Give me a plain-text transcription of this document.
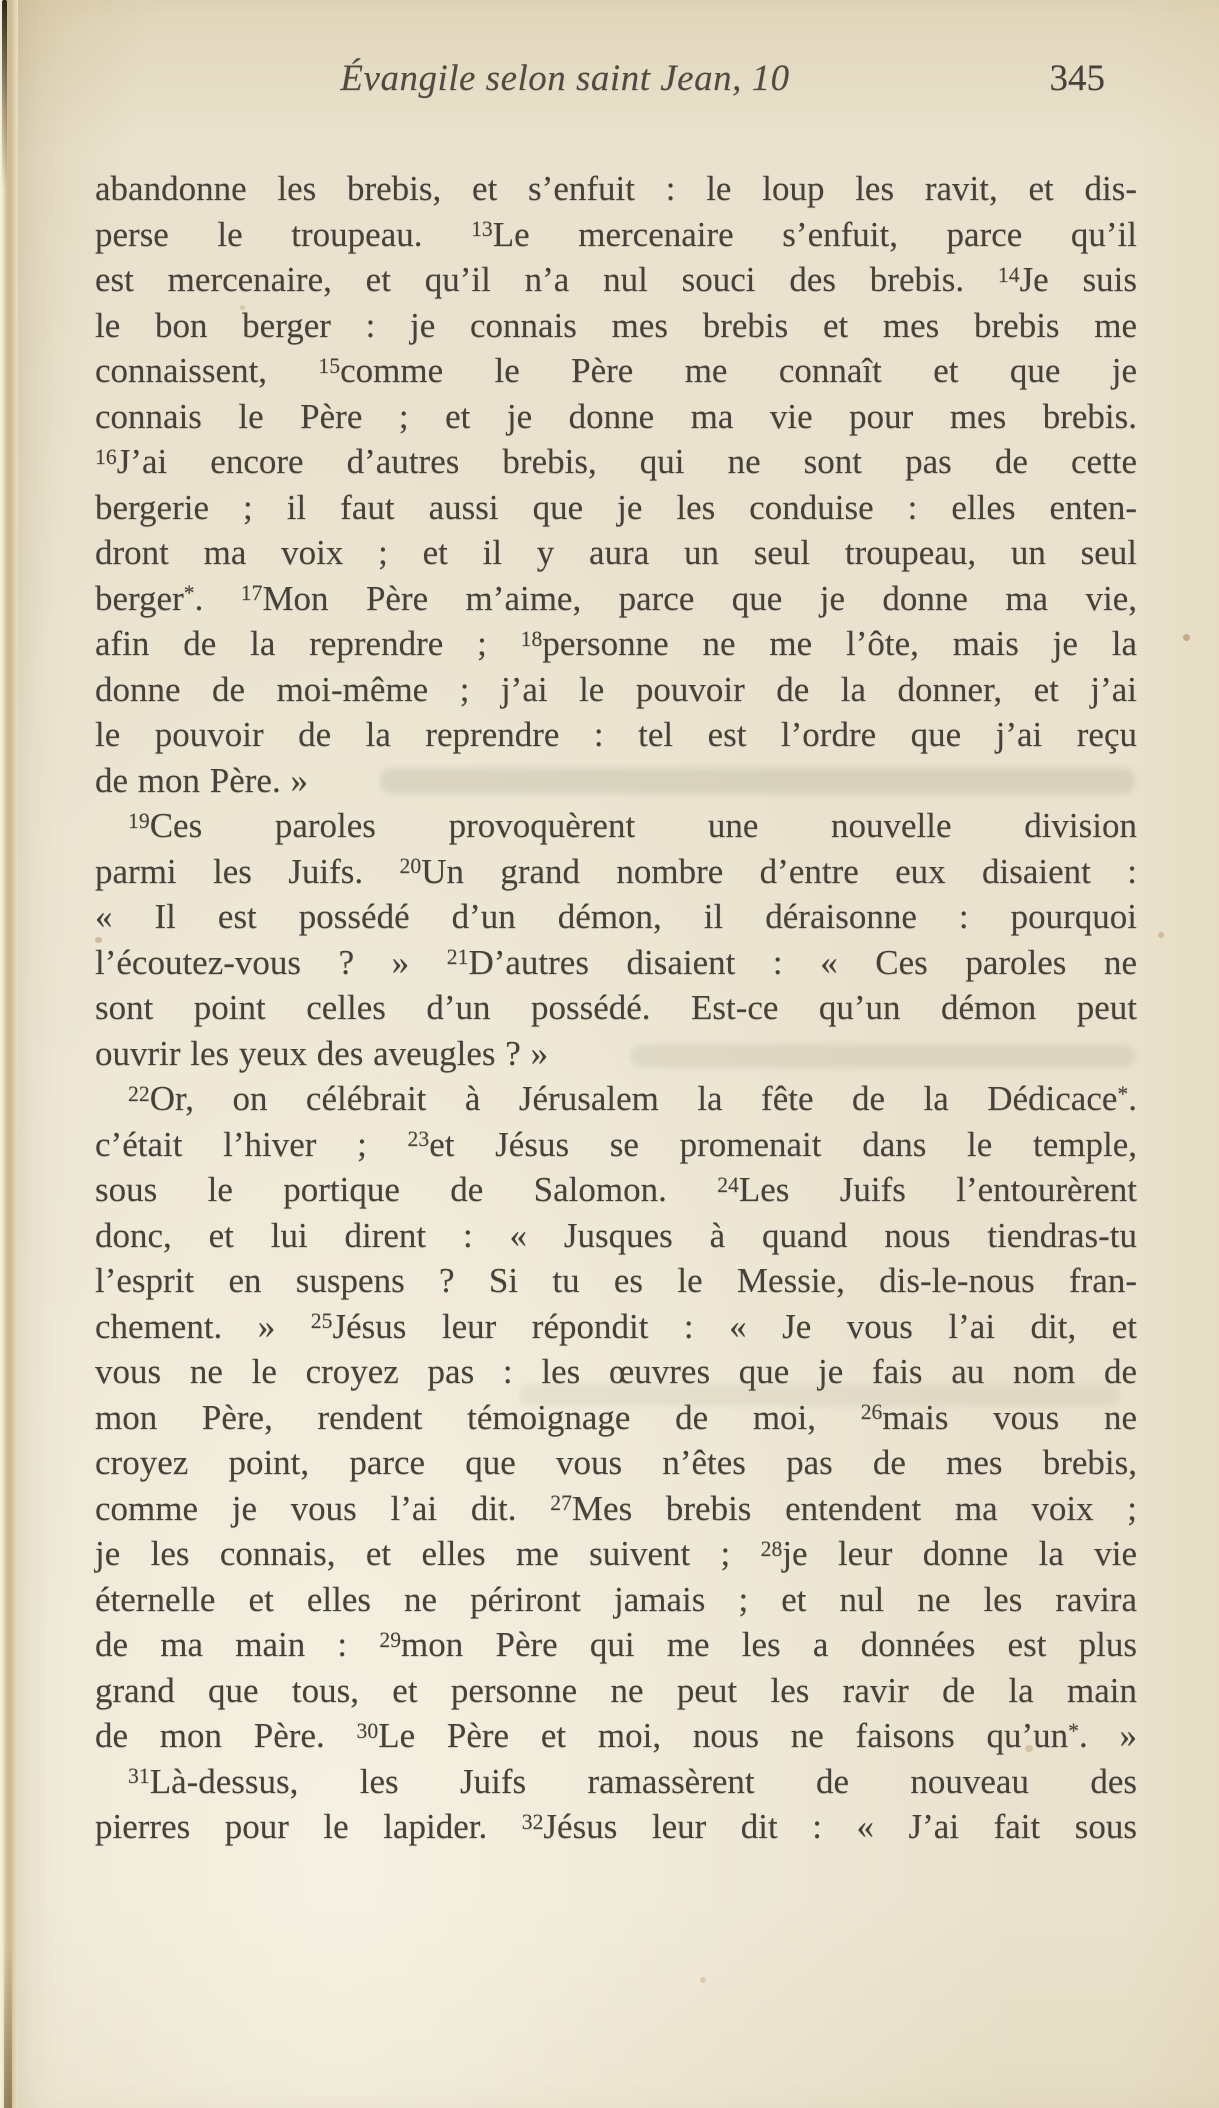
Évangile selon saint Jean, 10	345
abandonne les brebis, et s’enfuit : le loup les ravit, et dis-
perse le troupeau. $^{13}$Le mercenaire s’enfuit, parce qu’il
est mercenaire, et qu’il n’a nul souci des brebis. $^{14}$Je suis
le bon berger : je connais mes brebis et mes brebis me
connaissent, $^{15}$comme le Père me connaît et que je
connais le Père ; et je donne ma vie pour mes brebis.
$^{16}$J’ai encore d’autres brebis, qui ne sont pas de cette
bergerie ; il faut aussi que je les conduise : elles enten-
dront ma voix ; et il y aura un seul troupeau, un seul
berger*. $^{17}$Mon Père m’aime, parce que je donne ma vie,
afin de la reprendre ; $^{18}$personne ne me l’ôte, mais je la
donne de moi-même ; j’ai le pouvoir de la donner, et j’ai
le pouvoir de la reprendre : tel est l’ordre que j’ai reçu
de mon Père. »
$^{19}$Ces paroles provoquèrent une nouvelle division
parmi les Juifs. $^{20}$Un grand nombre d’entre eux disaient :
« Il est possédé d’un démon, il déraisonne : pourquoi
l’écoutez-vous ? » $^{21}$D’autres disaient : « Ces paroles ne
sont point celles d’un possédé. Est-ce qu’un démon peut
ouvrir les yeux des aveugles ? »
$^{22}$Or, on célébrait à Jérusalem la fête de la Dédicace*.
c’était l’hiver ; $^{23}$et Jésus se promenait dans le temple,
sous le portique de Salomon. $^{24}$Les Juifs l’entourèrent
donc, et lui dirent : « Jusques à quand nous tiendras-tu
l’esprit en suspens ? Si tu es le Messie, dis-le-nous fran-
chement. » $^{25}$Jésus leur répondit : « Je vous l’ai dit, et
vous ne le croyez pas : les œuvres que je fais au nom de
mon Père, rendent témoignage de moi, $^{26}$mais vous ne
croyez point, parce que vous n’êtes pas de mes brebis,
comme je vous l’ai dit. $^{27}$Mes brebis entendent ma voix ;
je les connais, et elles me suivent ; $^{28}$je leur donne la vie
éternelle et elles ne périront jamais ; et nul ne les ravira
de ma main : $^{29}$mon Père qui me les a données est plus
grand que tous, et personne ne peut les ravir de la main
de mon Père. $^{30}$Le Père et moi, nous ne faisons qu’un*. »
$^{31}$Là-dessus, les Juifs ramassèrent de nouveau des
pierres pour le lapider. $^{32}$Jésus leur dit : « J’ai fait sous
